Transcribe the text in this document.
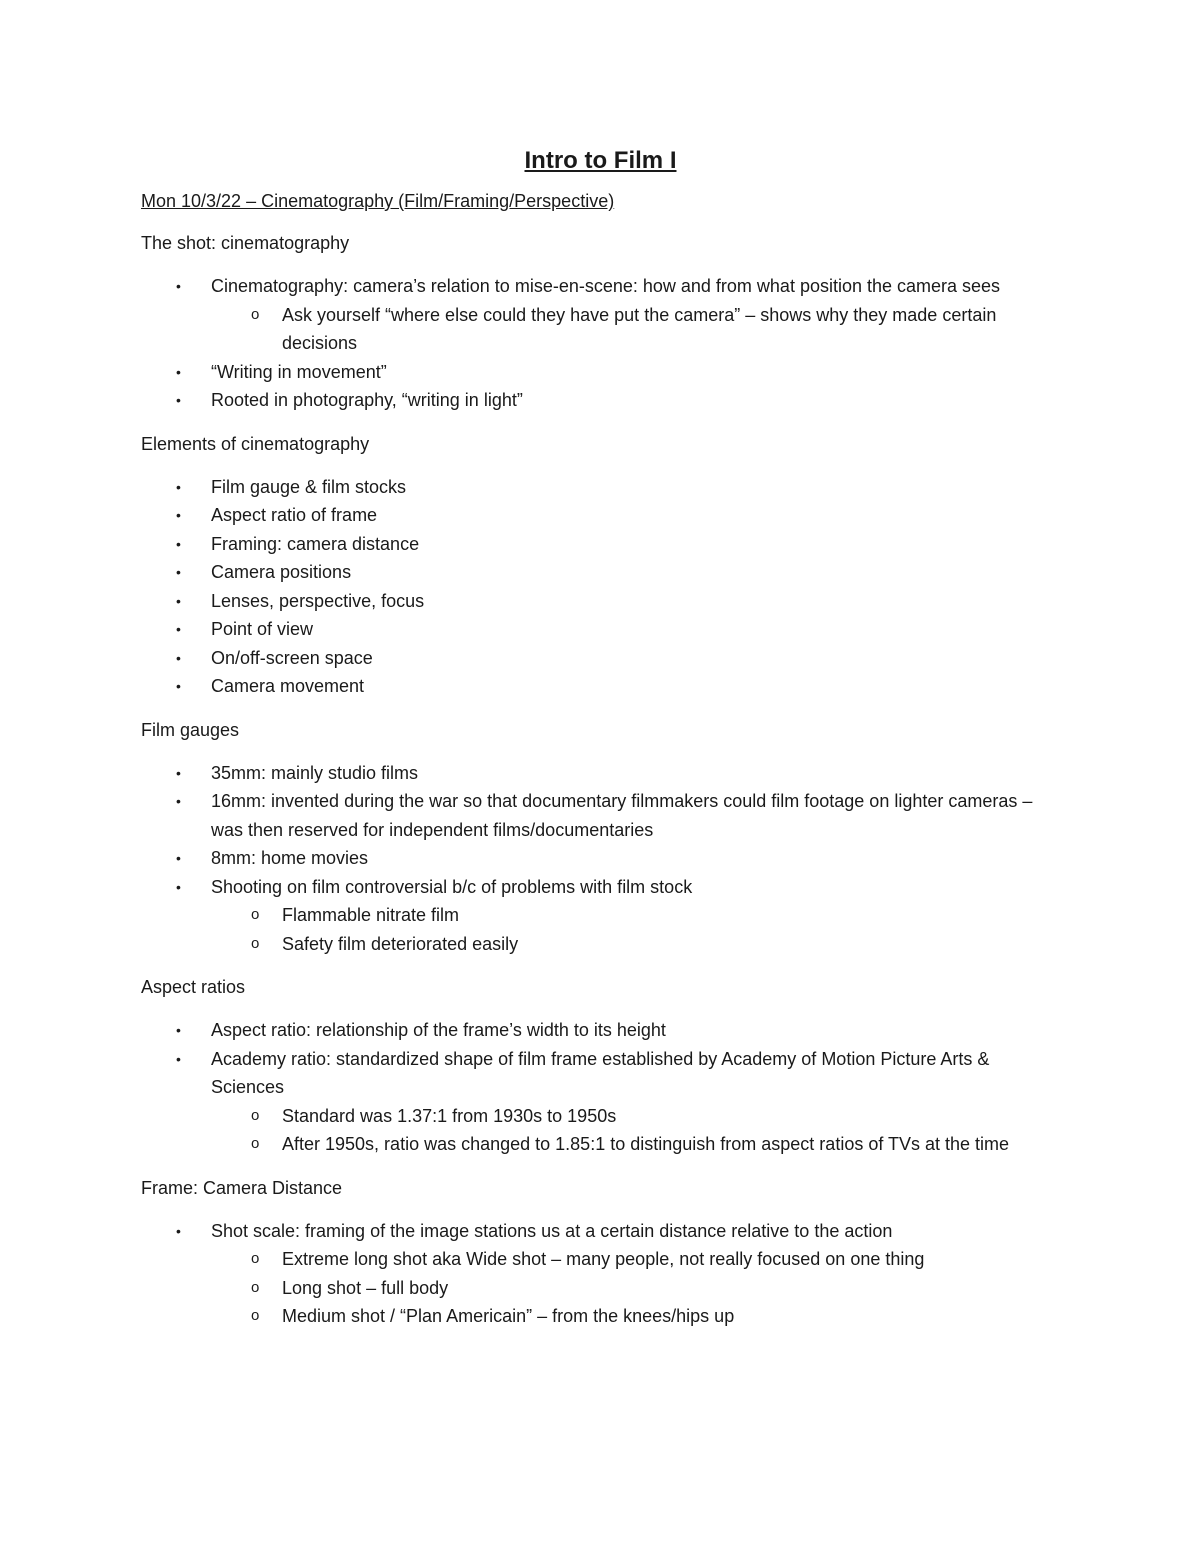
Intro to Film I
Mon 10/3/22 – Cinematography (Film/Framing/Perspective)
The shot: cinematography
• Cinematography: camera’s relation to mise-en-scene: how and from what position the camera sees
o Ask yourself “where else could they have put the camera” – shows why they made certain decisions
• “Writing in movement”
• Rooted in photography, “writing in light”
Elements of cinematography
• Film gauge & film stocks
• Aspect ratio of frame
• Framing: camera distance
• Camera positions
• Lenses, perspective, focus
• Point of view
• On/off-screen space
• Camera movement
Film gauges
• 35mm: mainly studio films
• 16mm: invented during the war so that documentary filmmakers could film footage on lighter cameras – was then reserved for independent films/documentaries
• 8mm: home movies
• Shooting on film controversial b/c of problems with film stock
o Flammable nitrate film
o Safety film deteriorated easily
Aspect ratios
• Aspect ratio: relationship of the frame’s width to its height
• Academy ratio: standardized shape of film frame established by Academy of Motion Picture Arts & Sciences
o Standard was 1.37:1 from 1930s to 1950s
o After 1950s, ratio was changed to 1.85:1 to distinguish from aspect ratios of TVs at the time
Frame: Camera Distance
• Shot scale: framing of the image stations us at a certain distance relative to the action
o Extreme long shot aka Wide shot – many people, not really focused on one thing
o Long shot – full body
o Medium shot / “Plan Americain” – from the knees/hips up
